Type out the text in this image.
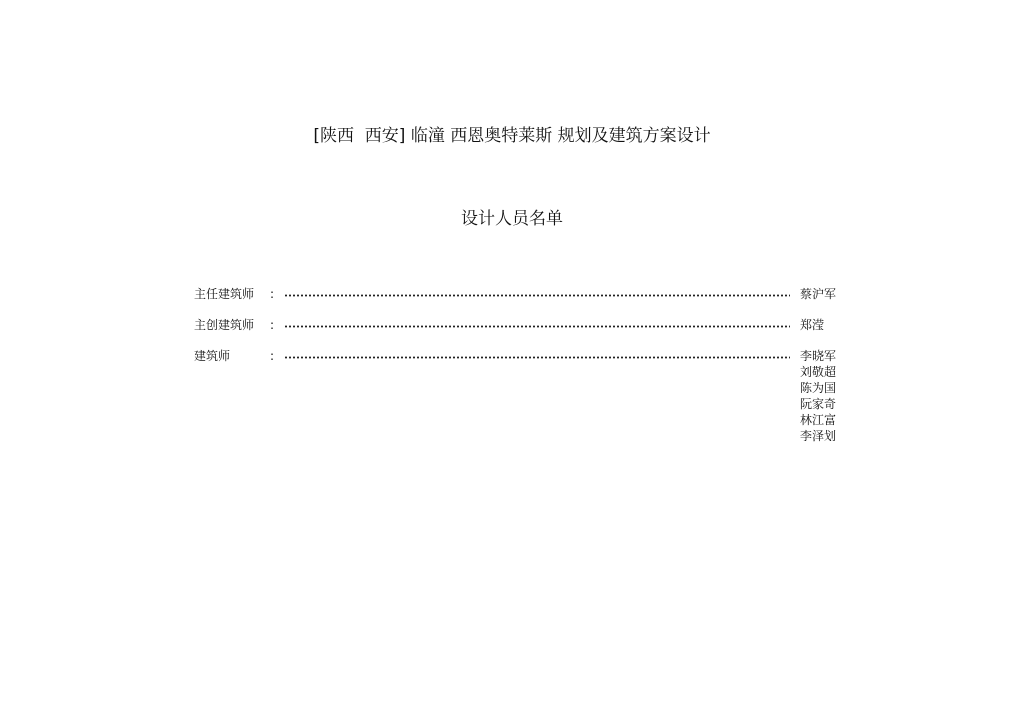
[陕西  西安] 临潼 西恩奥特莱斯 规划及建筑方案设计
设计人员名单
主任建筑师 :	蔡沪军
主创建筑师 :	郑滢
建筑师	:	李晓军
刘敬超
陈为国
阮家奇
林江富
李泽划
